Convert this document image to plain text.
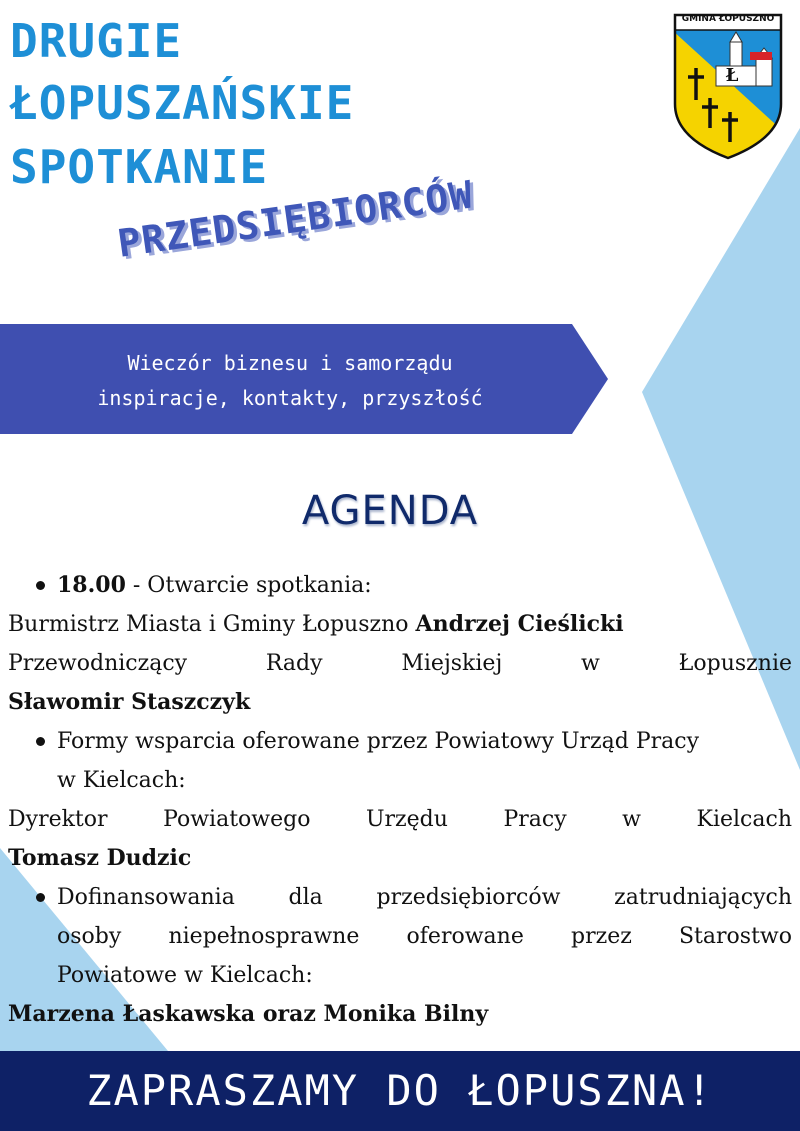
DRUGIE
ŁOPUSZAŃSKIE
SPOTKANIE
PRZEDSIĘBIORCÓW
GMINA ŁOPUSZNO
Ł
Wieczór biznesu i samorządu
inspiracje, kontakty, przyszłość
AGENDA
18.00 - Otwarcie spotkania:
Burmistrz Miasta i Gminy Łopuszno Andrzej Cieślicki
Przewodniczący Rady Miejskiej w Łopusznie
Sławomir Staszczyk
Formy wsparcia oferowane przez Powiatowy Urząd Pracy
w Kielcach:
Dyrektor Powiatowego Urzędu Pracy w Kielcach
Tomasz Dudzic
Dofinansowania dla przedsiębiorców zatrudniających
osoby niepełnosprawne oferowane przez Starostwo
Powiatowe w Kielcach:
Marzena Łaskawska oraz Monika Bilny
ZAPRASZAMY DO ŁOPUSZNA!
